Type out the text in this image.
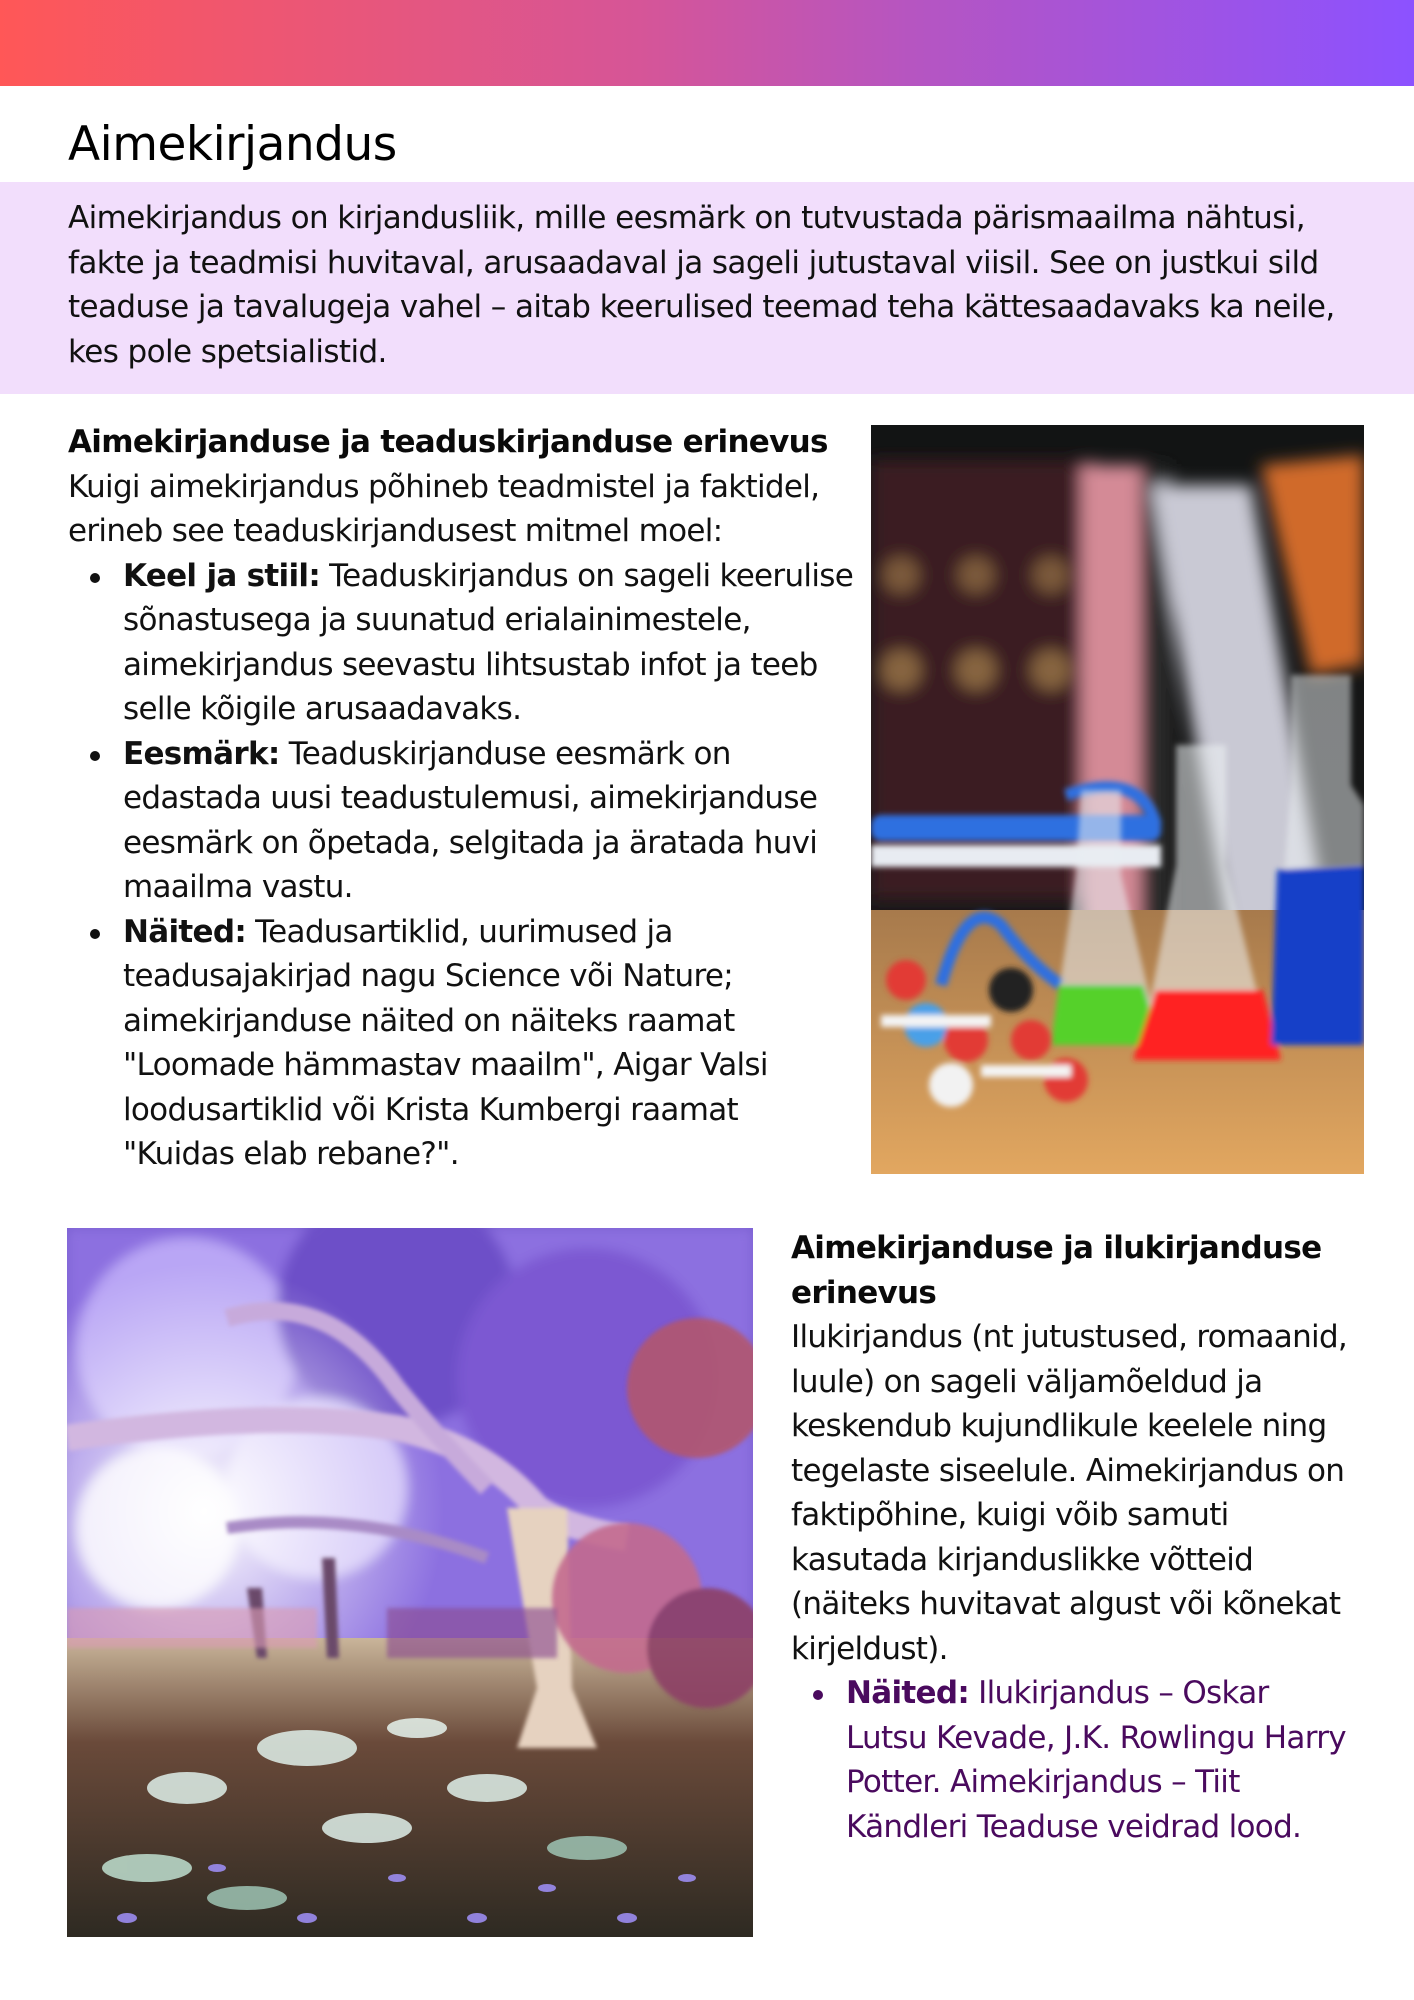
Aimekirjandus

Aimekirjandus on kirjandusliik, mille eesmärk on tutvustada pärismaailma nähtusi, fakte ja teadmisi huvitaval, arusaadaval ja sageli jutustaval viisil. See on justkui sild teaduse ja tavalugeja vahel – aitab keerulised teemad teha kättesaadavaks ka neile, kes pole spetsialistid.

Aimekirjanduse ja teaduskirjanduse erinevus
Kuigi aimekirjandus põhineb teadmistel ja faktidel, erineb see teaduskirjandusest mitmel moel:
Keel ja stiil: Teaduskirjandus on sageli keerulise sõnastusega ja suunatud erialainimestele, aimekirjandus seevastu lihtsustab infot ja teeb selle kõigile arusaadavaks.
Eesmärk: Teaduskirjanduse eesmärk on edastada uusi teadustulemusi, aimekirjanduse eesmärk on õpetada, selgitada ja äratada huvi maailma vastu.
Näited: Teadusartiklid, uurimused ja teadusajakirjad nagu Science või Nature; aimekirjanduse näited on näiteks raamat "Loomade hämmastav maailm", Aigar Valsi loodusartiklid või Krista Kumbergi raamat "Kuidas elab rebane?".
Aimekirjanduse ja ilukirjanduse erinevus
Ilukirjandus (nt jutustused, romaanid, luule) on sageli väljamõeldud ja keskendub kujundlikule keelele ning tegelaste siseelule. Aimekirjandus on faktipõhine, kuigi võib samuti kasutada kirjanduslikke võtteid (näiteks huvitavat algust või kõnekat kirjeldust).
Näited: Ilukirjandus – Oskar Lutsu Kevade, J.K. Rowlingu Harry Potter. Aimekirjandus – Tiit Kändleri Teaduse veidrad lood.
